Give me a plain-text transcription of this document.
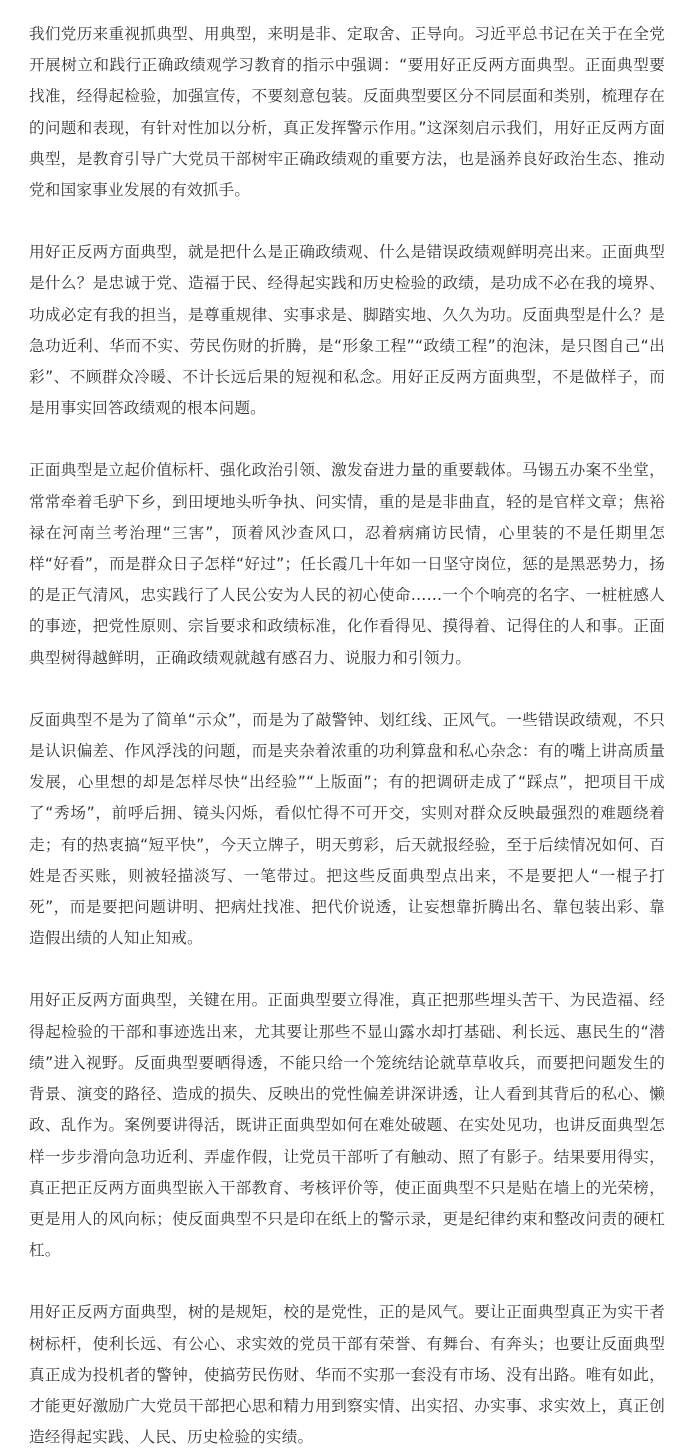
我们党历来重视抓典型、用典型，来明是非、定取舍、正导向。习近平总书记在关于在全党开展树立和践行正确政绩观学习教育的指示中强调：“要用好正反两方面典型。正面典型要找准，经得起检验，加强宣传，不要刻意包装。反面典型要区分不同层面和类别，梳理存在的问题和表现，有针对性加以分析，真正发挥警示作用。”这深刻启示我们，用好正反两方面典型，是教育引导广大党员干部树牢正确政绩观的重要方法，也是涵养良好政治生态、推动党和国家事业发展的有效抓手。

用好正反两方面典型，就是把什么是正确政绩观、什么是错误政绩观鲜明亮出来。正面典型是什么？是忠诚于党、造福于民、经得起实践和历史检验的政绩，是功成不必在我的境界、功成必定有我的担当，是尊重规律、实事求是、脚踏实地、久久为功。反面典型是什么？是急功近利、华而不实、劳民伤财的折腾，是“形象工程”“政绩工程”的泡沫，是只图自己“出彩”、不顾群众冷暖、不计长远后果的短视和私念。用好正反两方面典型，不是做样子，而是用事实回答政绩观的根本问题。

正面典型是立起价值标杆、强化政治引领、激发奋进力量的重要载体。马锡五办案不坐堂，常常牵着毛驴下乡，到田埂地头听争执、问实情，重的是是非曲直，轻的是官样文章；焦裕禄在河南兰考治理“三害”，顶着风沙查风口，忍着病痛访民情，心里装的不是任期里怎样“好看”，而是群众日子怎样“好过”；任长霞几十年如一日坚守岗位，惩的是黑恶势力，扬的是正气清风，忠实践行了人民公安为人民的初心使命……一个个响亮的名字、一桩桩感人的事迹，把党性原则、宗旨要求和政绩标准，化作看得见、摸得着、记得住的人和事。正面典型树得越鲜明，正确政绩观就越有感召力、说服力和引领力。

反面典型不是为了简单“示众”，而是为了敲警钟、划红线、正风气。一些错误政绩观，不只是认识偏差、作风浮浅的问题，而是夹杂着浓重的功利算盘和私心杂念：有的嘴上讲高质量发展，心里想的却是怎样尽快“出经验”“上版面”；有的把调研走成了“踩点”，把项目干成了“秀场”，前呼后拥、镜头闪烁，看似忙得不可开交，实则对群众反映最强烈的难题绕着走；有的热衷搞“短平快”，今天立牌子，明天剪彩，后天就报经验，至于后续情况如何、百姓是否买账，则被轻描淡写、一笔带过。把这些反面典型点出来，不是要把人“一棍子打死”，而是要把问题讲明、把病灶找准、把代价说透，让妄想靠折腾出名、靠包装出彩、靠造假出绩的人知止知戒。

用好正反两方面典型，关键在用。正面典型要立得准，真正把那些埋头苦干、为民造福、经得起检验的干部和事迹选出来，尤其要让那些不显山露水却打基础、利长远、惠民生的“潜绩”进入视野。反面典型要晒得透，不能只给一个笼统结论就草草收兵，而要把问题发生的背景、演变的路径、造成的损失、反映出的党性偏差讲深讲透，让人看到其背后的私心、懒政、乱作为。案例要讲得活，既讲正面典型如何在难处破题、在实处见功，也讲反面典型怎样一步步滑向急功近利、弄虚作假，让党员干部听了有触动、照了有影子。结果要用得实，真正把正反两方面典型嵌入干部教育、考核评价等，使正面典型不只是贴在墙上的光荣榜，更是用人的风向标；使反面典型不只是印在纸上的警示录，更是纪律约束和整改问责的硬杠杠。

用好正反两方面典型，树的是规矩，校的是党性，正的是风气。要让正面典型真正为实干者树标杆，使利长远、有公心、求实效的党员干部有荣誉、有舞台、有奔头；也要让反面典型真正成为投机者的警钟，使搞劳民伤财、华而不实那一套没有市场、没有出路。唯有如此，才能更好激励广大党员干部把心思和精力用到察实情、出实招、办实事、求实效上，真正创造经得起实践、人民、历史检验的实绩。
